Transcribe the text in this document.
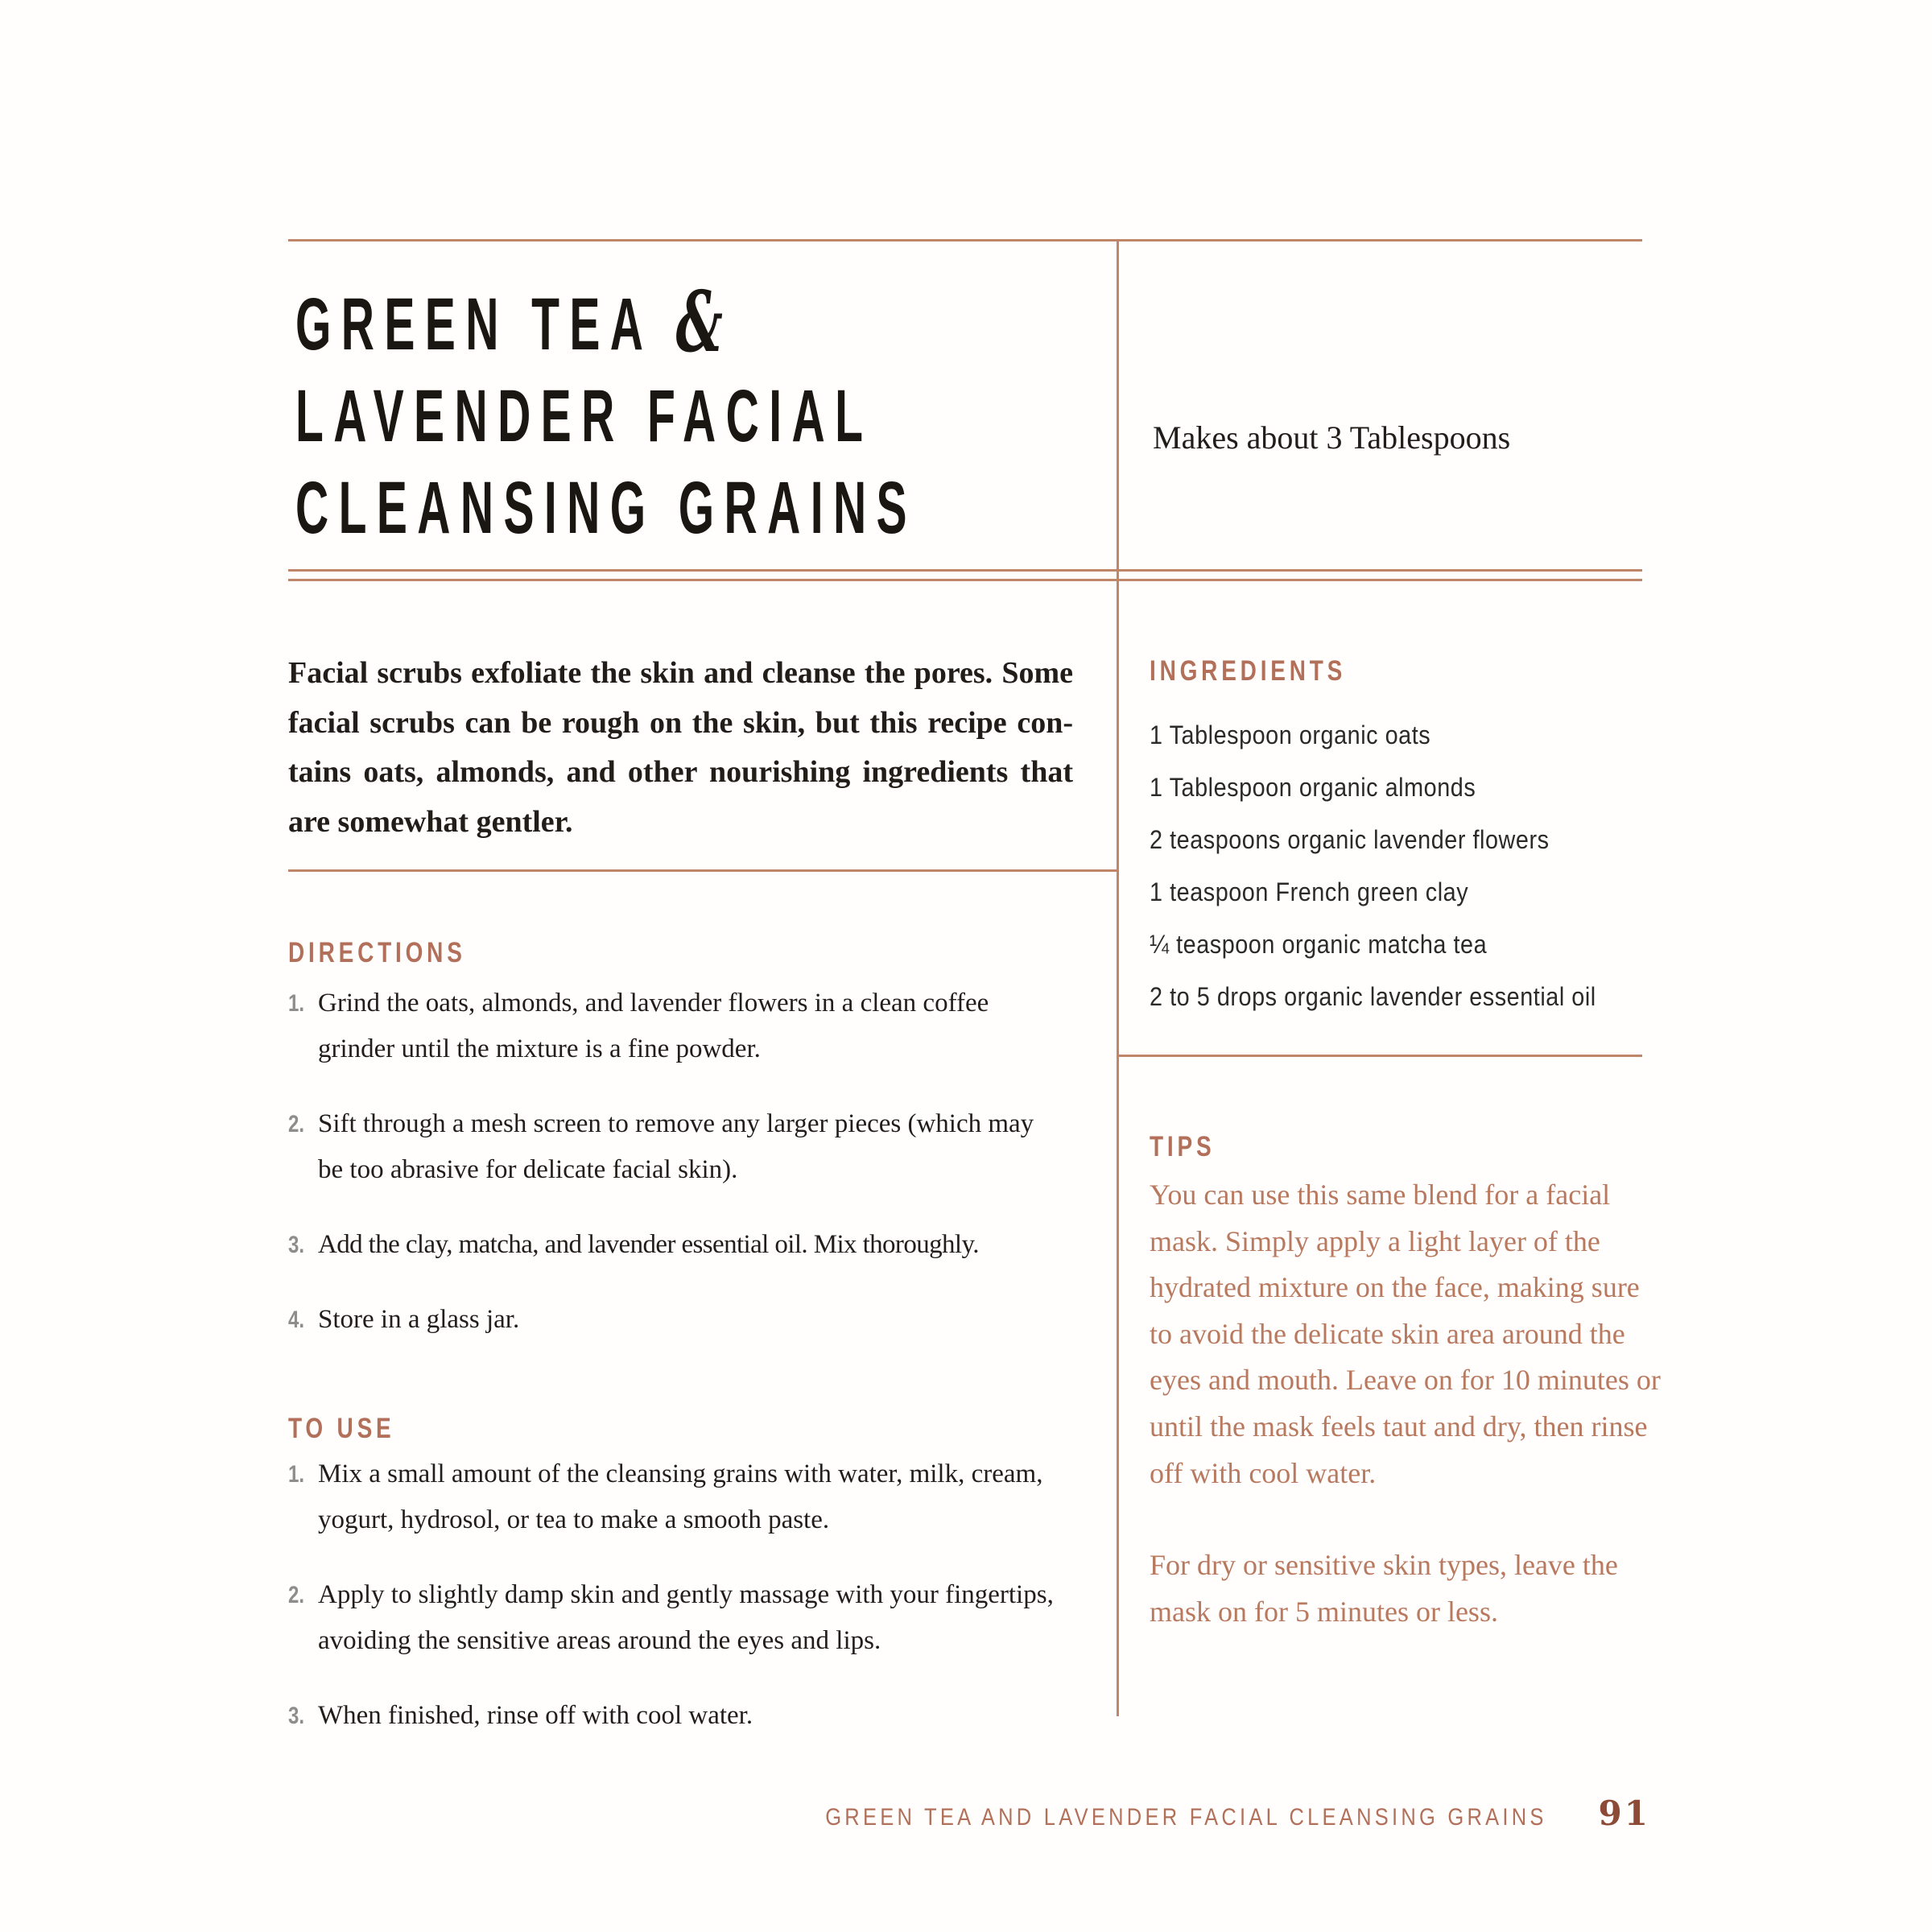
GREEN TEA &
LAVENDER FACIAL
CLEANSING GRAINS
Makes about 3 Tablespoons
Facial scrubs exfoliate the skin and cleanse the pores. Some facial scrubs can be rough on the skin, but this recipe contains oats, almonds, and other nourishing ingredients that are somewhat gentler.
DIRECTIONS
1. Grind the oats, almonds, and lavender flowers in a clean coffee grinder until the mixture is a fine powder.
2. Sift through a mesh screen to remove any larger pieces (which may be too abrasive for delicate facial skin).
3. Add the clay, matcha, and lavender essential oil. Mix thoroughly.
4. Store in a glass jar.
TO USE
1. Mix a small amount of the cleansing grains with water, milk, cream, yogurt, hydrosol, or tea to make a smooth paste.
2. Apply to slightly damp skin and gently massage with your fingertips, avoiding the sensitive areas around the eyes and lips.
3. When finished, rinse off with cool water.
INGREDIENTS
1 Tablespoon organic oats
1 Tablespoon organic almonds
2 teaspoons organic lavender flowers
1 teaspoon French green clay
¼ teaspoon organic matcha tea
2 to 5 drops organic lavender essential oil
TIPS

You can use this same blend for a facial mask. Simply apply a light layer of the hydrated mixture on the face, making sure to avoid the delicate skin area around the eyes and mouth. Leave on for 10 minutes or until the mask feels taut and dry, then rinse off with cool water.

For dry or sensitive skin types, leave the mask on for 5 minutes or less.

GREEN TEA AND LAVENDER FACIAL CLEANSING GRAINS 91
